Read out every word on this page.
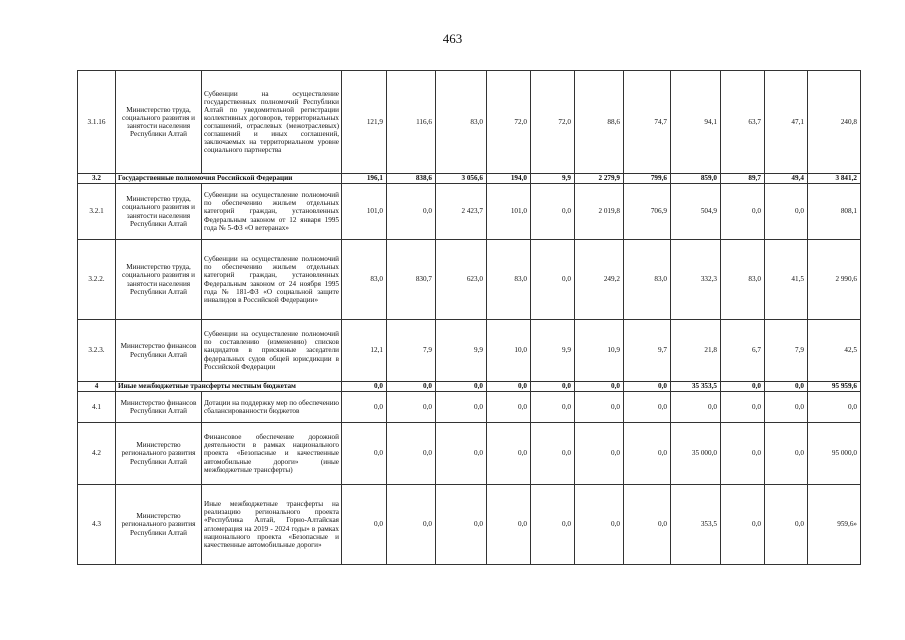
463
3.1.16	Министерство труда, социального развития и занятости населения Республики Алтай	Субвенции на осуществление государственных полномочий Республики Алтай по уведомительной регистрации коллективных договоров, территориальных соглашений, отраслевых (межотраслевых) соглашений и иных соглашений, заключаемых на территориальном уровне социального партнерства	121,9	116,6	83,0	72,0	72,0	88,6	74,7	94,1	63,7	47,1	240,8
3.2	Государственные полномочия Российской Федерации		196,1	838,6	3 056,6	194,0	9,9	2 279,9	799,6	859,0	89,7	49,4	3 841,2
3.2.1	Министерство труда, социального развития и занятости населения Республики Алтай	Субвенции на осуществление полномочий по обеспечению жильем отдельных категорий граждан, установленных Федеральным законом от 12 января 1995 года № 5-ФЗ «О ветеранах»	101,0	0,0	2 423,7	101,0	0,0	2 019,8	706,9	504,9	0,0	0,0	808,1
3.2.2.	Министерство труда, социального развития и занятости населения Республики Алтай	Субвенции на осуществление полномочий по обеспечению жильем отдельных категорий граждан, установленных Федеральным законом от 24 ноября 1995 года № 181-ФЗ «О социальной защите инвалидов в Российской Федерации»	83,0	830,7	623,0	83,0	0,0	249,2	83,0	332,3	83,0	41,5	2 990,6
3.2.3.	Министерство финансов Республики Алтай	Субвенции на осуществление полномочий по составлению (изменению) списков кандидатов в присяжные заседатели федеральных судов общей юрисдикции в Российской Федерации	12,1	7,9	9,9	10,0	9,9	10,9	9,7	21,8	6,7	7,9	42,5
4	Иные межбюджетные трансферты местным бюджетам		0,0	0,0	0,0	0,0	0,0	0,0	0,0	35 353,5	0,0	0,0	95 959,6
4.1	Министерство финансов Республики Алтай	Дотации на поддержку мер по обеспечению сбалансированности бюджетов	0,0	0,0	0,0	0,0	0,0	0,0	0,0	0,0	0,0	0,0	0,0
4.2	Министерство регионального развития Республики Алтай	Финансовое обеспечение дорожной деятельности в рамках национального проекта «Безопасные и качественные автомобильные дороги» (иные межбюджетные трансферты)	0,0	0,0	0,0	0,0	0,0	0,0	0,0	35 000,0	0,0	0,0	95 000,0
4.3	Министерство регионального развития Республики Алтай	Иные межбюджетные трансферты на реализацию регионального проекта «Республика Алтай, Горно-Алтайская агломерация на 2019 - 2024 годы» в рамках национального проекта «Безопасные и качественные автомобильные дороги»	0,0	0,0	0,0	0,0	0,0	0,0	0,0	353,5	0,0	0,0	959,6»
